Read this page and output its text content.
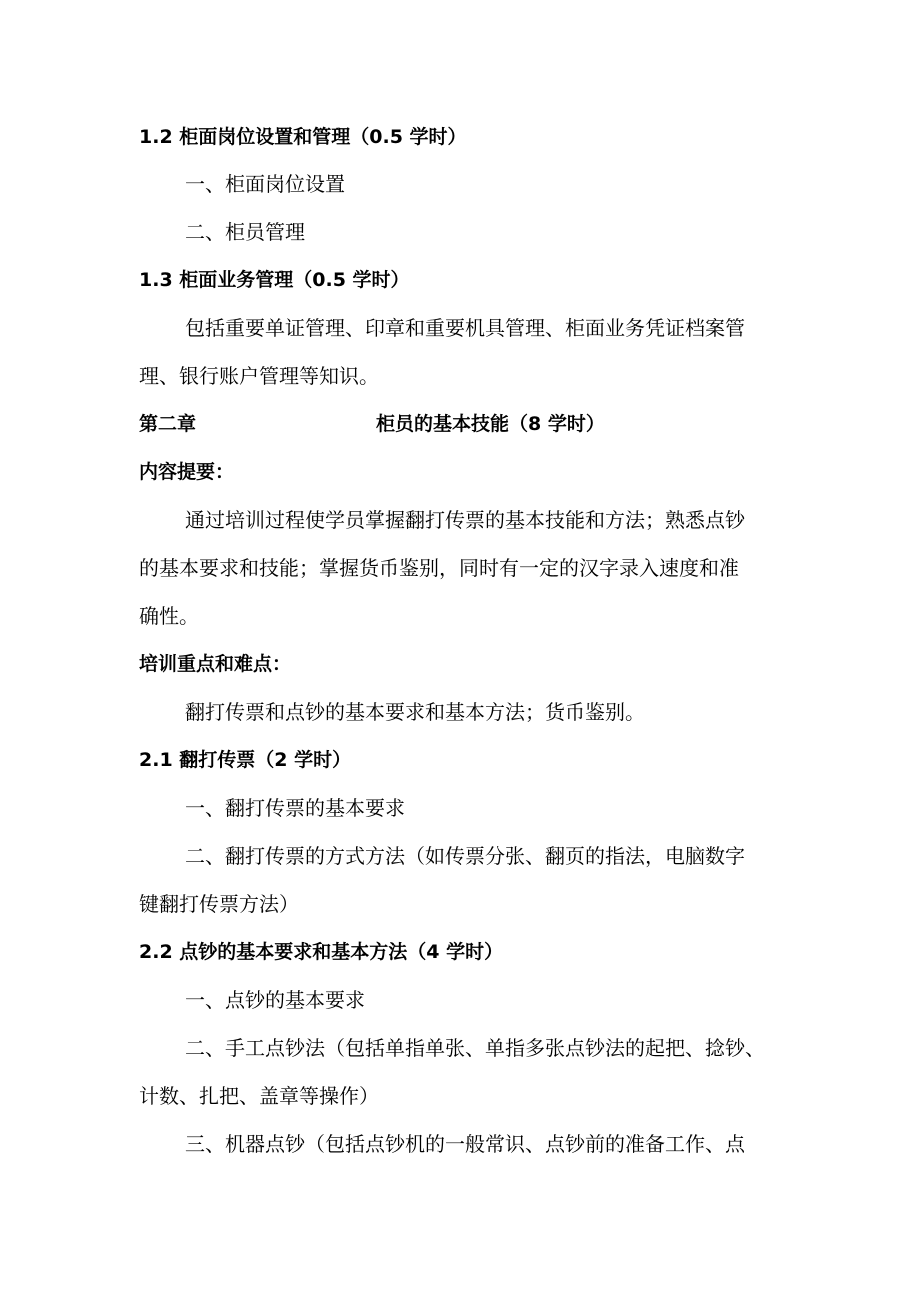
1.2 柜面岗位设置和管理（0.5 学时）
一、柜面岗位设置
二、柜员管理
1.3 柜面业务管理（0.5 学时）
包括重要单证管理、印章和重要机具管理、柜面业务凭证档案管
理、银行账户管理等知识。
第二章	柜员的基本技能（8 学时）
内容提要：
通过培训过程使学员掌握翻打传票的基本技能和方法；熟悉点钞
的基本要求和技能；掌握货币鉴别，同时有一定的汉字录入速度和准
确性。
培训重点和难点：
翻打传票和点钞的基本要求和基本方法；货币鉴别。
2.1 翻打传票（2 学时）
一、翻打传票的基本要求
二、翻打传票的方式方法（如传票分张、翻页的指法，电脑数字
键翻打传票方法）
2.2 点钞的基本要求和基本方法（4 学时）
一、点钞的基本要求
二、手工点钞法（包括单指单张、单指多张点钞法的起把、捻钞、
计数、扎把、盖章等操作）
三、机器点钞（包括点钞机的一般常识、点钞前的准备工作、点
